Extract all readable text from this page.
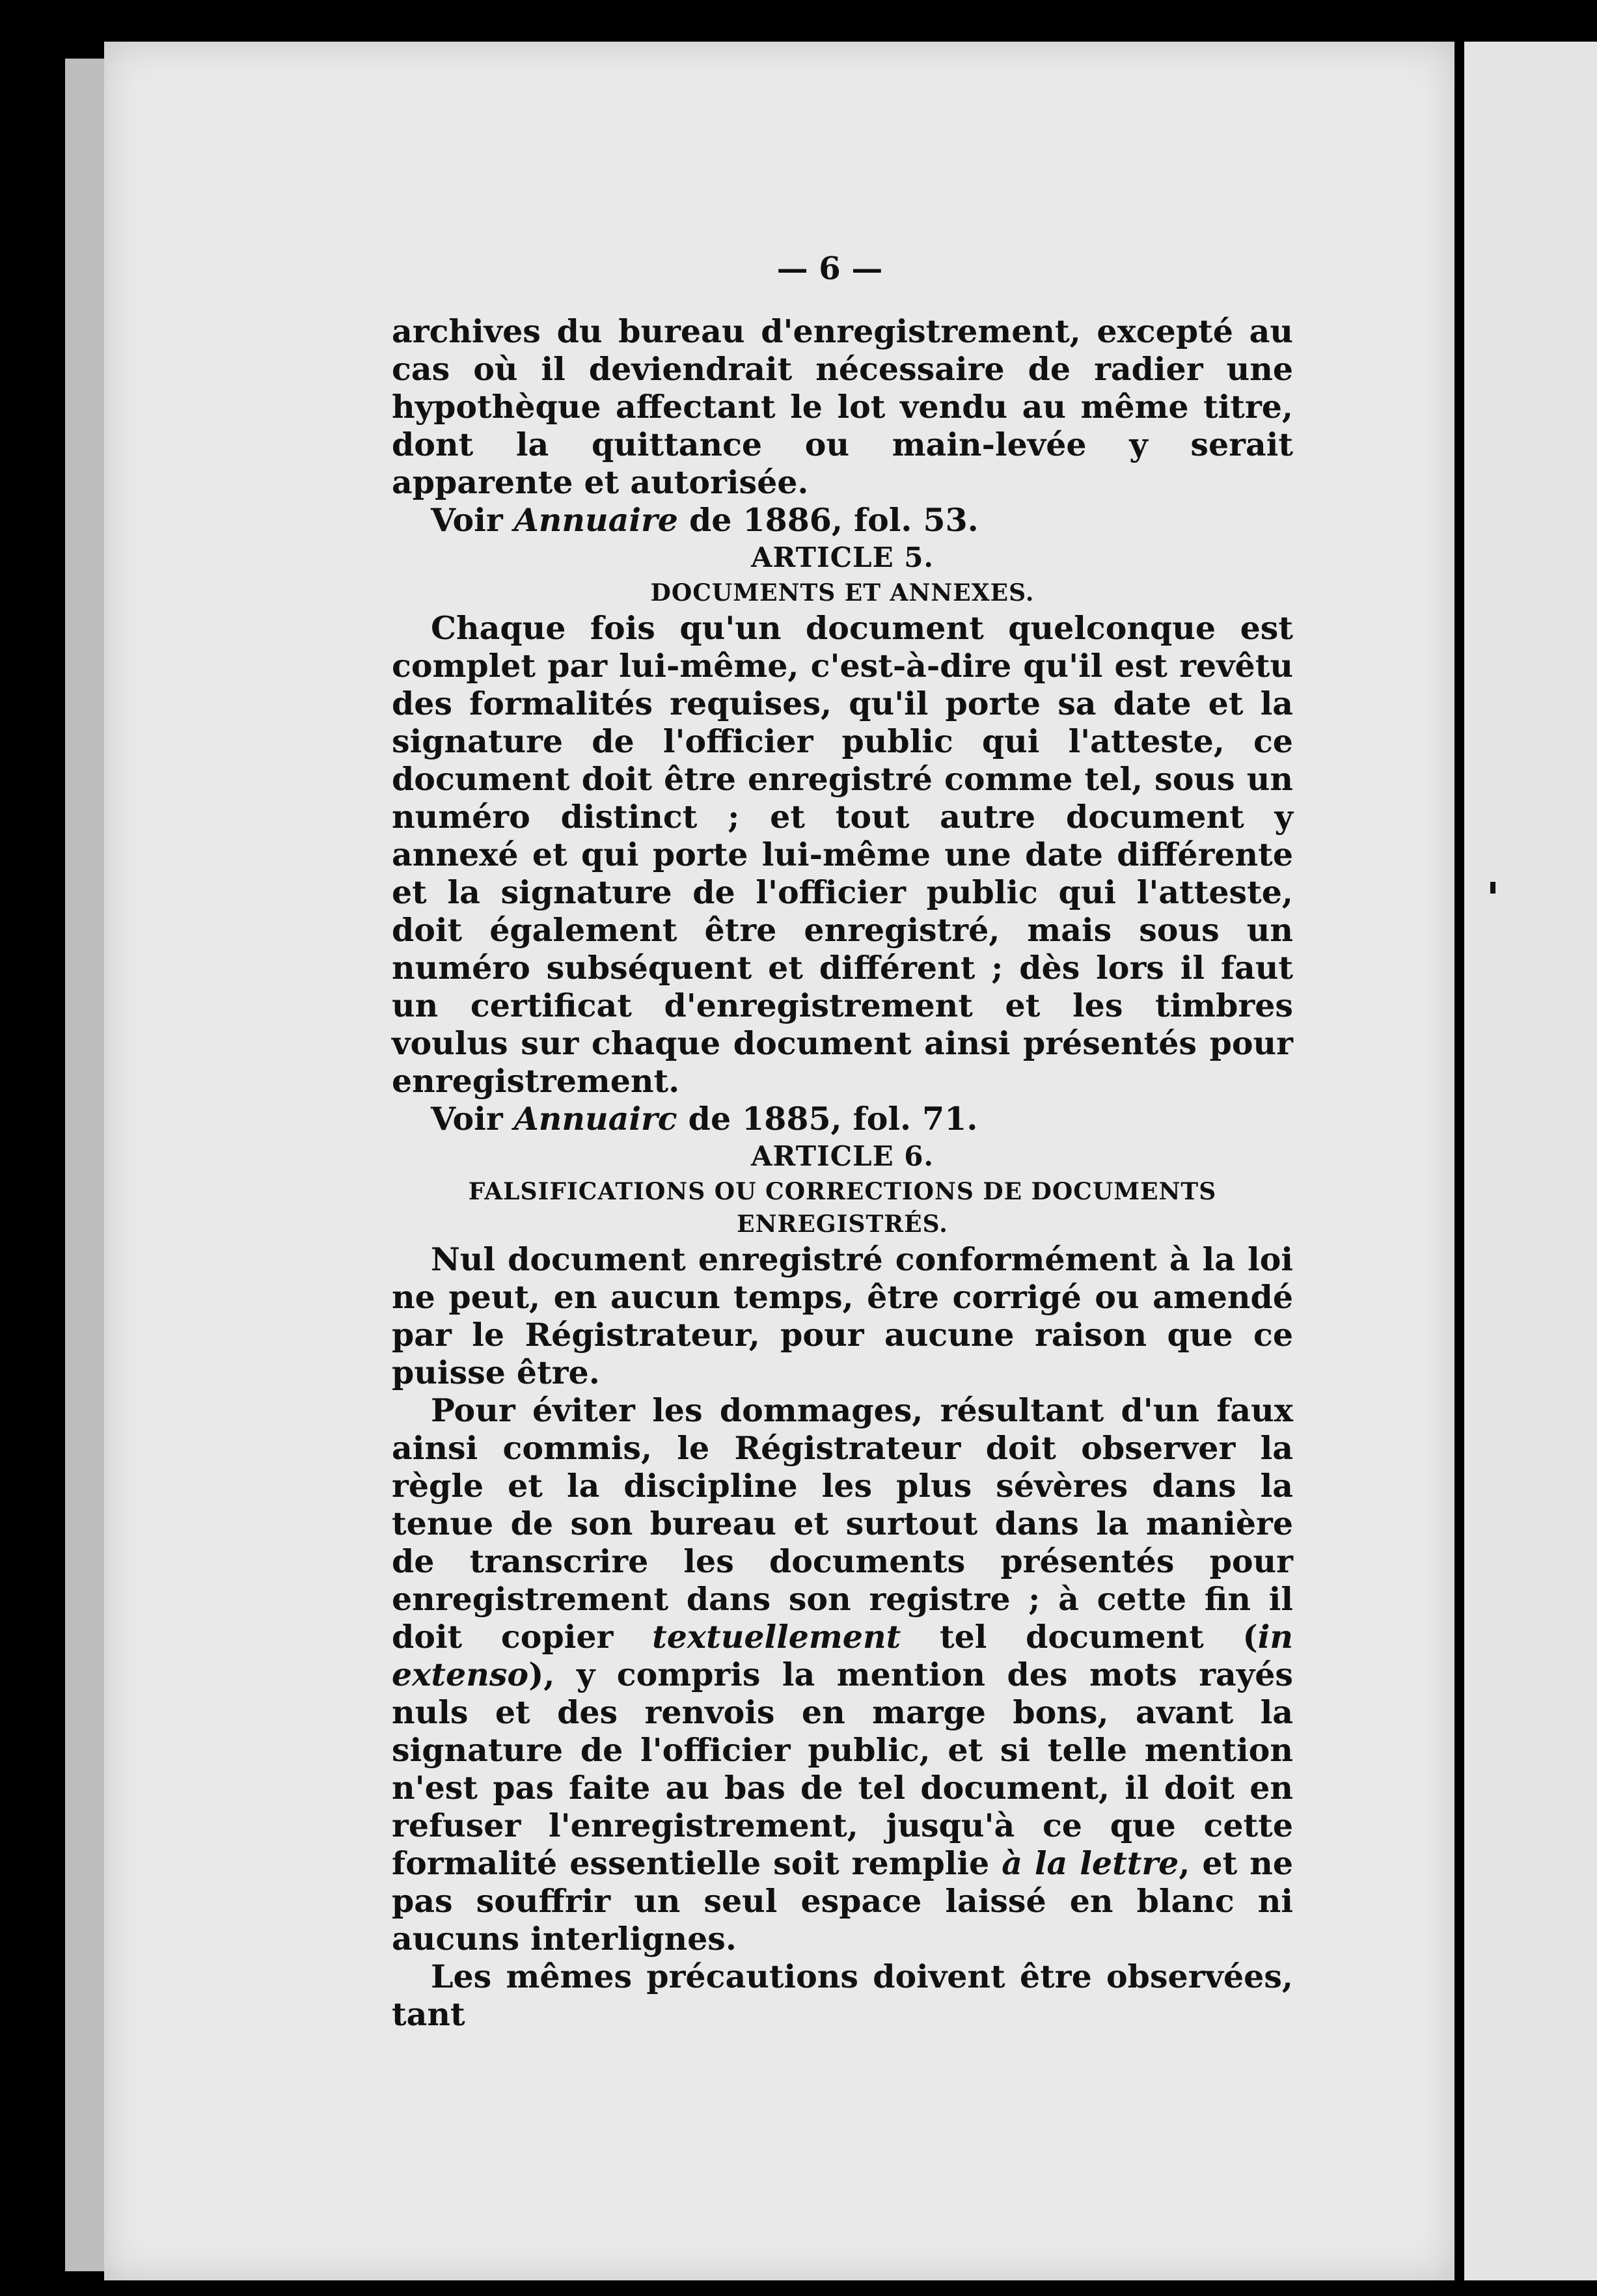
— 6 —

archives du bureau d'enregistrement, excepté au cas où il deviendrait nécessaire de radier une hypothèque affectant le lot vendu au même titre, dont la quittance ou main-levée y serait apparente et autorisée.

Voir Annuaire de 1886, fol. 53.

ARTICLE 5.

DOCUMENTS ET ANNEXES.

Chaque fois qu'un document quelconque est complet par lui-même, c'est-à-dire qu'il est revêtu des formalités requises, qu'il porte sa date et la signature de l'officier public qui l'atteste, ce document doit être enregistré comme tel, sous un numéro distinct ; et tout autre document y annexé et qui porte lui-même une date différente et la signature de l'officier public qui l'atteste, doit également être enregistré, mais sous un numéro subséquent et différent ; dès lors il faut un certificat d'enregistrement et les timbres voulus sur chaque document ainsi présentés pour enregistrement.

Voir Annuairc de 1885, fol. 71.

ARTICLE 6.

FALSIFICATIONS OU CORRECTIONS DE DOCUMENTS ENREGISTRÉS.

Nul document enregistré conformément à la loi ne peut, en aucun temps, être corrigé ou amendé par le Régistrateur, pour aucune raison que ce puisse être.

Pour éviter les dommages, résultant d'un faux ainsi commis, le Régistrateur doit observer la règle et la discipline les plus sévères dans la tenue de son bureau et surtout dans la manière de transcrire les documents présentés pour enregistrement dans son registre ; à cette fin il doit copier textuellement tel document (in extenso), y compris la mention des mots rayés nuls et des renvois en marge bons, avant la signature de l'officier public, et si telle mention n'est pas faite au bas de tel document, il doit en refuser l'enregistrement, jusqu'à ce que cette formalité essentielle soit remplie à la lettre, et ne pas souffrir un seul espace laissé en blanc ni aucuns interlignes.

Les mêmes précautions doivent être observées, tant
